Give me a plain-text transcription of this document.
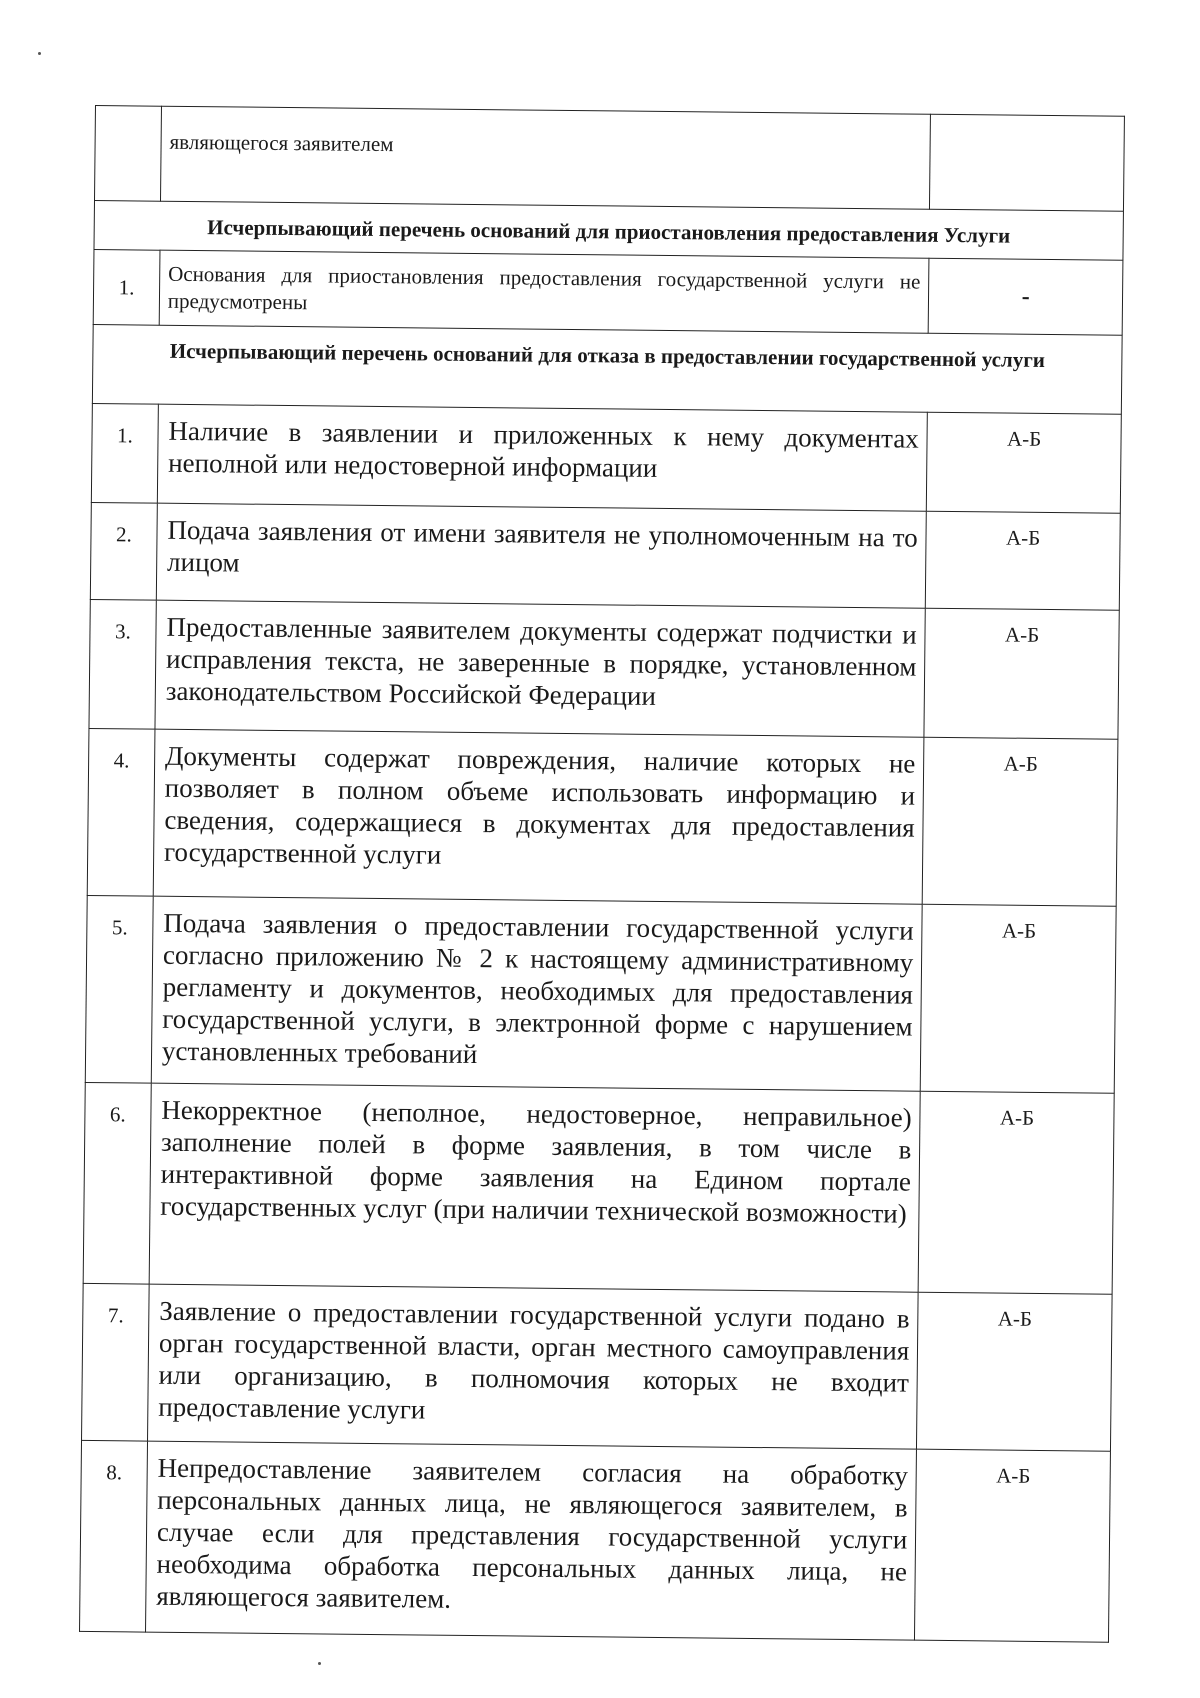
	являющегося заявителем	
Исчерпывающий перечень оснований для приостановления предоставления Услуги		
1.	Основания для приостановления предоставления государственной услуги не предусмотрены	-
Исчерпывающий перечень оснований для отказа в предоставлении государственной услуги		
1.	Наличие в заявлении и приложенных к нему документах неполной или недостоверной информации	А-Б
2.	Подача заявления от имени заявителя не уполномоченным на то лицом	А-Б
3.	Предоставленные заявителем документы содержат подчистки и исправления текста, не заверенные в порядке, установленном законодательством Российской Федерации	А-Б
4.	Документы содержат повреждения, наличие которых не позволяет в полном объеме использовать информацию и сведения, содержащиеся в документах для предоставления государственной услуги	А-Б
5.	Подача заявления о предоставлении государственной услуги согласно приложению № 2 к настоящему административному регламенту и документов, необходимых для предоставления государственной услуги, в электронной форме с нарушением установленных требований	А-Б
6.	Некорректное (неполное, недостоверное, неправильное) заполнение полей в форме заявления, в том числе в интерактивной форме заявления на Едином портале государственных услуг (при наличии технической возможности)	А-Б
7.	Заявление о предоставлении государственной услуги подано в орган государственной власти, орган местного самоуправления или организацию, в полномочия которых не входит предоставление услуги	А-Б
8.	Непредоставление заявителем согласия на обработку персональных данных лица, не являющегося заявителем, в случае если для представления государственной услуги необходима обработка персональных данных лица, не являющегося заявителем.	А-Б
